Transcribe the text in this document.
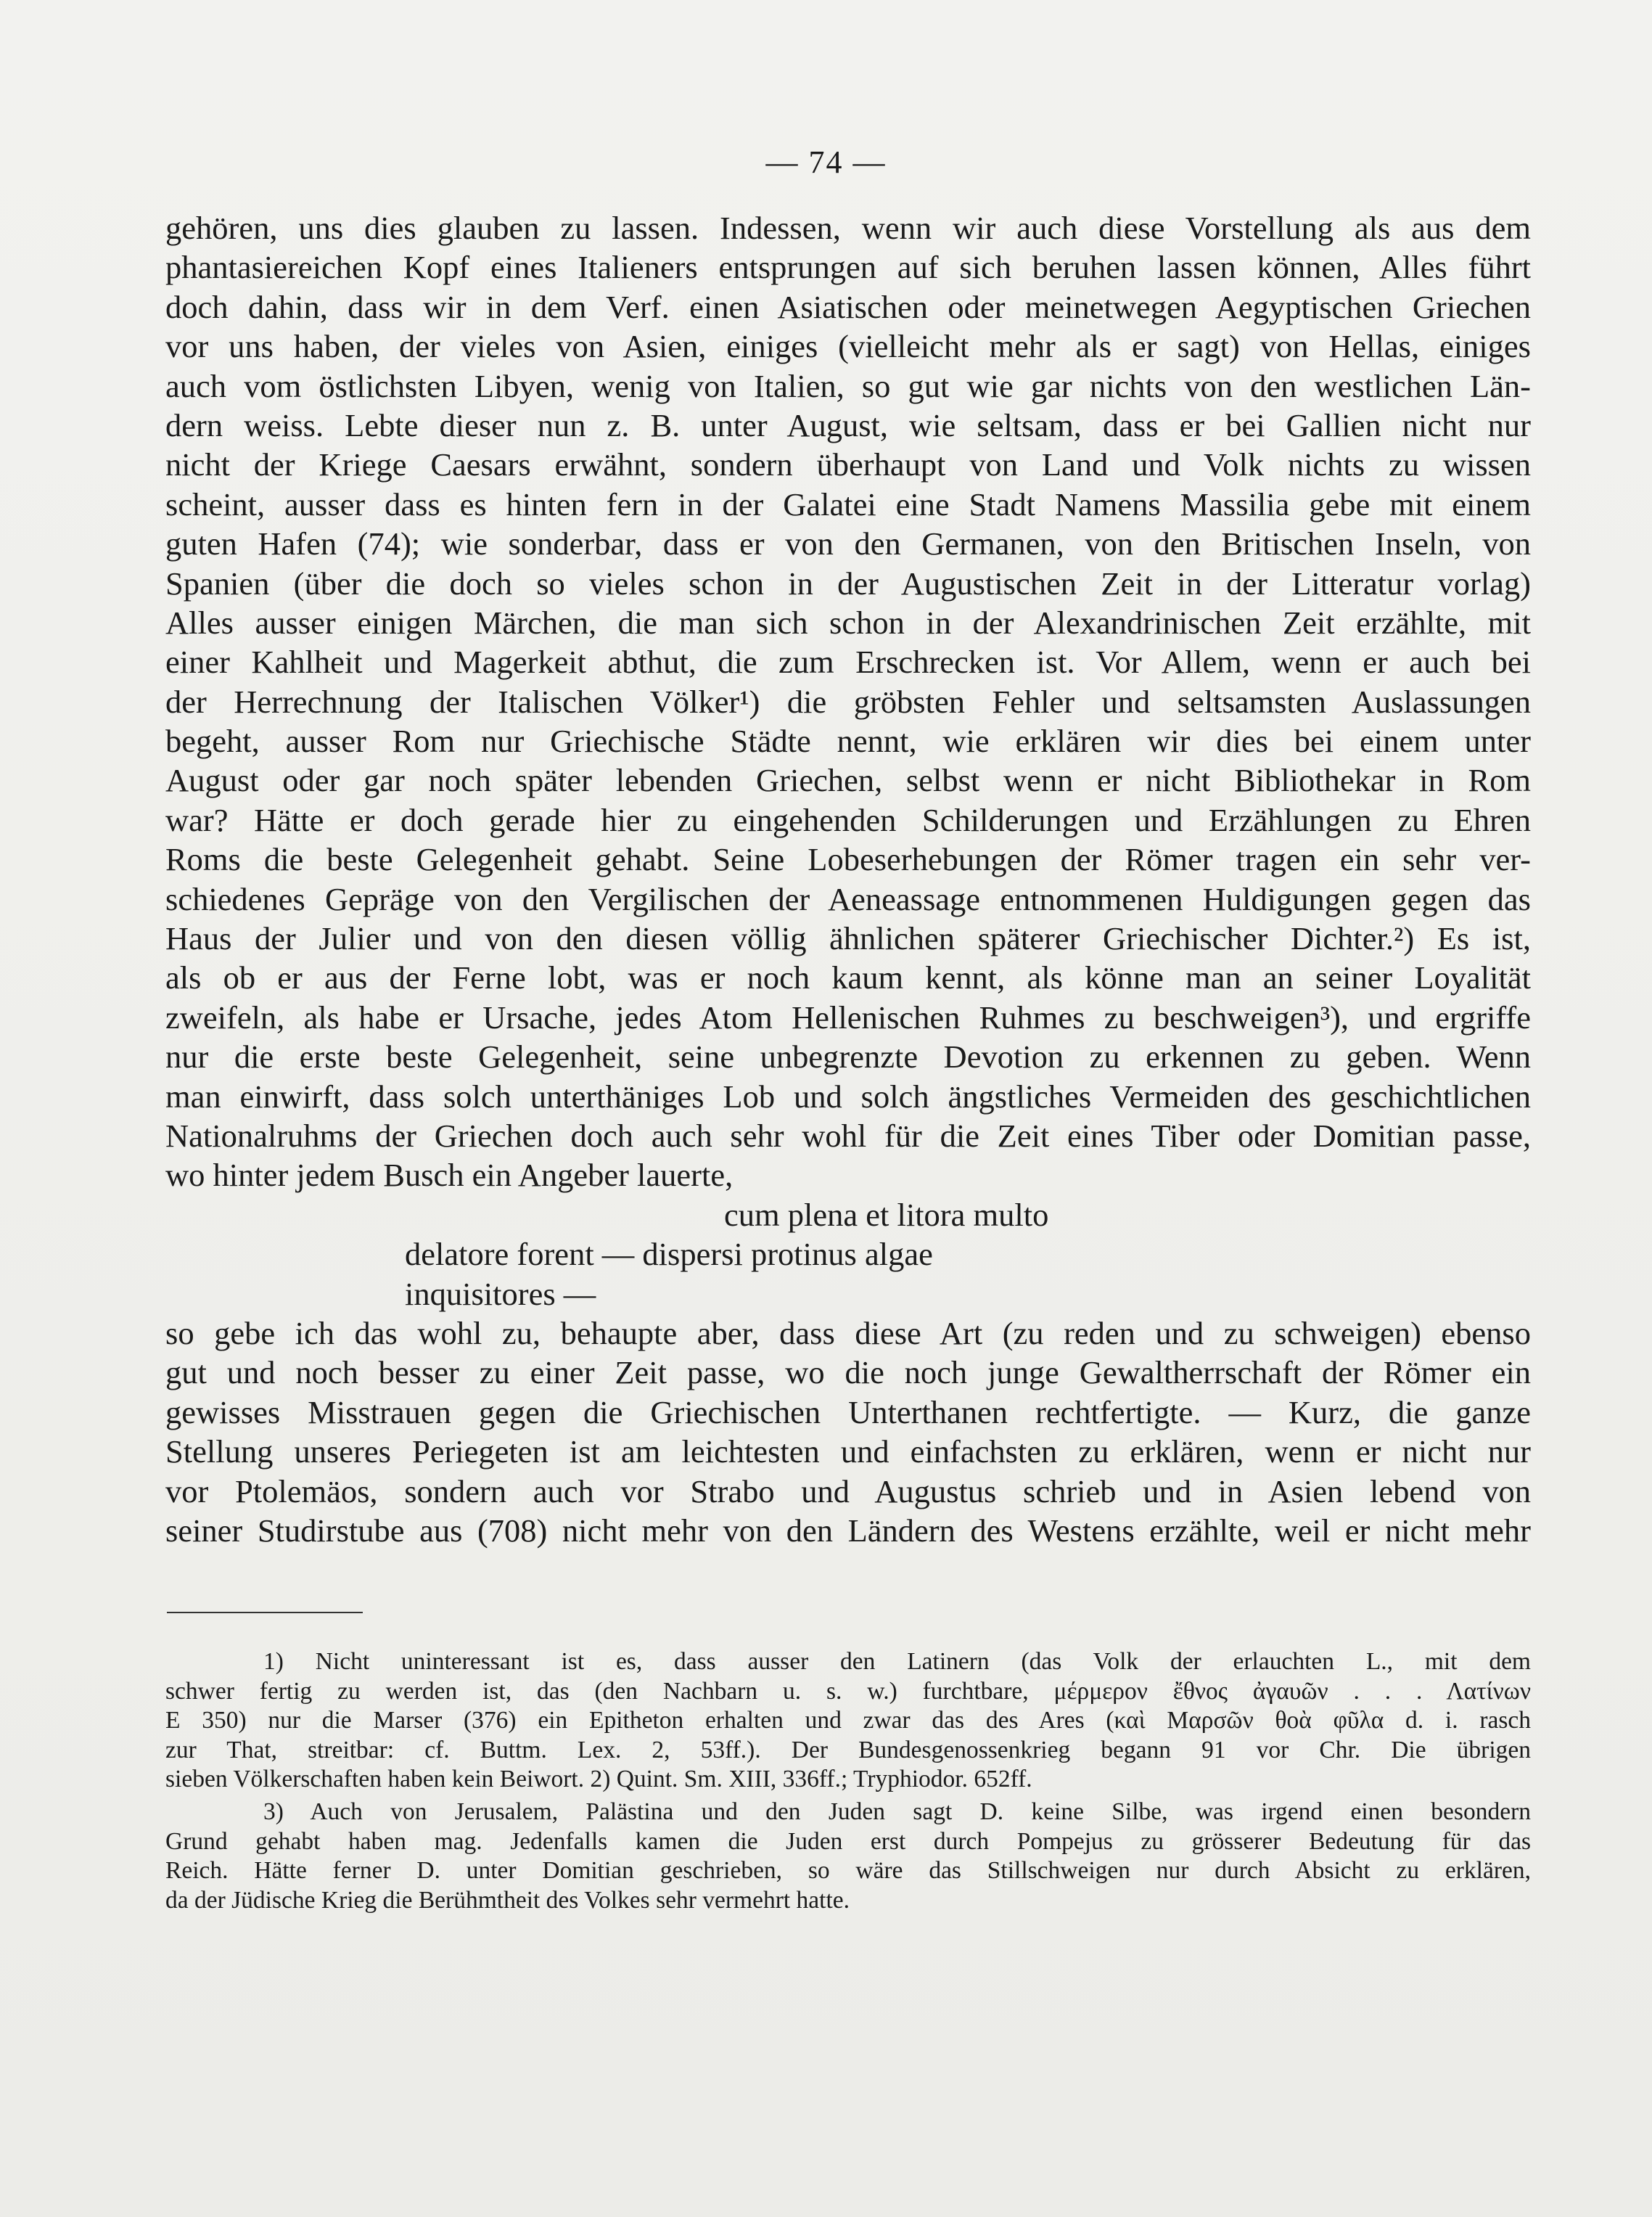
— 74 —
gehören, uns dies glauben zu lassen. Indessen, wenn wir auch diese Vorstellung als aus dem
phantasiereichen Kopf eines Italieners entsprungen auf sich beruhen lassen können, Alles führt
doch dahin, dass wir in dem Verf. einen Asiatischen oder meinetwegen Aegyptischen Griechen
vor uns haben, der vieles von Asien, einiges (vielleicht mehr als er sagt) von Hellas, einiges
auch vom östlichsten Libyen, wenig von Italien, so gut wie gar nichts von den westlichen Län-
dern weiss. Lebte dieser nun z. B. unter August, wie seltsam, dass er bei Gallien nicht nur
nicht der Kriege Caesars erwähnt, sondern überhaupt von Land und Volk nichts zu wissen
scheint, ausser dass es hinten fern in der Galatei eine Stadt Namens Massilia gebe mit einem
guten Hafen (74); wie sonderbar, dass er von den Germanen, von den Britischen Inseln, von
Spanien (über die doch so vieles schon in der Augustischen Zeit in der Litteratur vorlag)
Alles ausser einigen Märchen, die man sich schon in der Alexandrinischen Zeit erzählte, mit
einer Kahlheit und Magerkeit abthut, die zum Erschrecken ist. Vor Allem, wenn er auch bei
der Herrechnung der Italischen Völker¹) die gröbsten Fehler und seltsamsten Auslassungen
begeht, ausser Rom nur Griechische Städte nennt, wie erklären wir dies bei einem unter
August oder gar noch später lebenden Griechen, selbst wenn er nicht Bibliothekar in Rom
war? Hätte er doch gerade hier zu eingehenden Schilderungen und Erzählungen zu Ehren
Roms die beste Gelegenheit gehabt. Seine Lobeserhebungen der Römer tragen ein sehr ver-
schiedenes Gepräge von den Vergilischen der Aeneassage entnommenen Huldigungen gegen das
Haus der Julier und von den diesen völlig ähnlichen späterer Griechischer Dichter.²) Es ist,
als ob er aus der Ferne lobt, was er noch kaum kennt, als könne man an seiner Loyalität
zweifeln, als habe er Ursache, jedes Atom Hellenischen Ruhmes zu beschweigen³), und ergriffe
nur die erste beste Gelegenheit, seine unbegrenzte Devotion zu erkennen zu geben. Wenn
man einwirft, dass solch unterthäniges Lob und solch ängstliches Vermeiden des geschichtlichen
Nationalruhms der Griechen doch auch sehr wohl für die Zeit eines Tiber oder Domitian passe,
wo hinter jedem Busch ein Angeber lauerte,
cum plena et litora multo
delatore forent — dispersi protinus algae
inquisitores —
so gebe ich das wohl zu, behaupte aber, dass diese Art (zu reden und zu schweigen) ebenso
gut und noch besser zu einer Zeit passe, wo die noch junge Gewaltherrschaft der Römer ein
gewisses Misstrauen gegen die Griechischen Unterthanen rechtfertigte. — Kurz, die ganze
Stellung unseres Periegeten ist am leichtesten und einfachsten zu erklären, wenn er nicht nur
vor Ptolemäos, sondern auch vor Strabo und Augustus schrieb und in Asien lebend von
seiner Studirstube aus (708) nicht mehr von den Ländern des Westens erzählte, weil er nicht mehr
1) Nicht uninteressant ist es, dass ausser den Latinern (das Volk der erlauchten L., mit dem
schwer fertig zu werden ist, das (den Nachbarn u. s. w.) furchtbare, μέρμερον ἔθνος ἀγαυῶν . . . Λατίνων
E 350) nur die Marser (376) ein Epitheton erhalten und zwar das des Ares (καὶ Μαρσῶν θοὰ φῦλα d. i. rasch
zur That, streitbar: cf. Buttm. Lex. 2, 53ff.). Der Bundesgenossenkrieg begann 91 vor Chr. Die übrigen
sieben Völkerschaften haben kein Beiwort. 2) Quint. Sm. XIII, 336ff.; Tryphiodor. 652ff.
3) Auch von Jerusalem, Palästina und den Juden sagt D. keine Silbe, was irgend einen besondern
Grund gehabt haben mag. Jedenfalls kamen die Juden erst durch Pompejus zu grösserer Bedeutung für das
Reich. Hätte ferner D. unter Domitian geschrieben, so wäre das Stillschweigen nur durch Absicht zu erklären,
da der Jüdische Krieg die Berühmtheit des Volkes sehr vermehrt hatte.
